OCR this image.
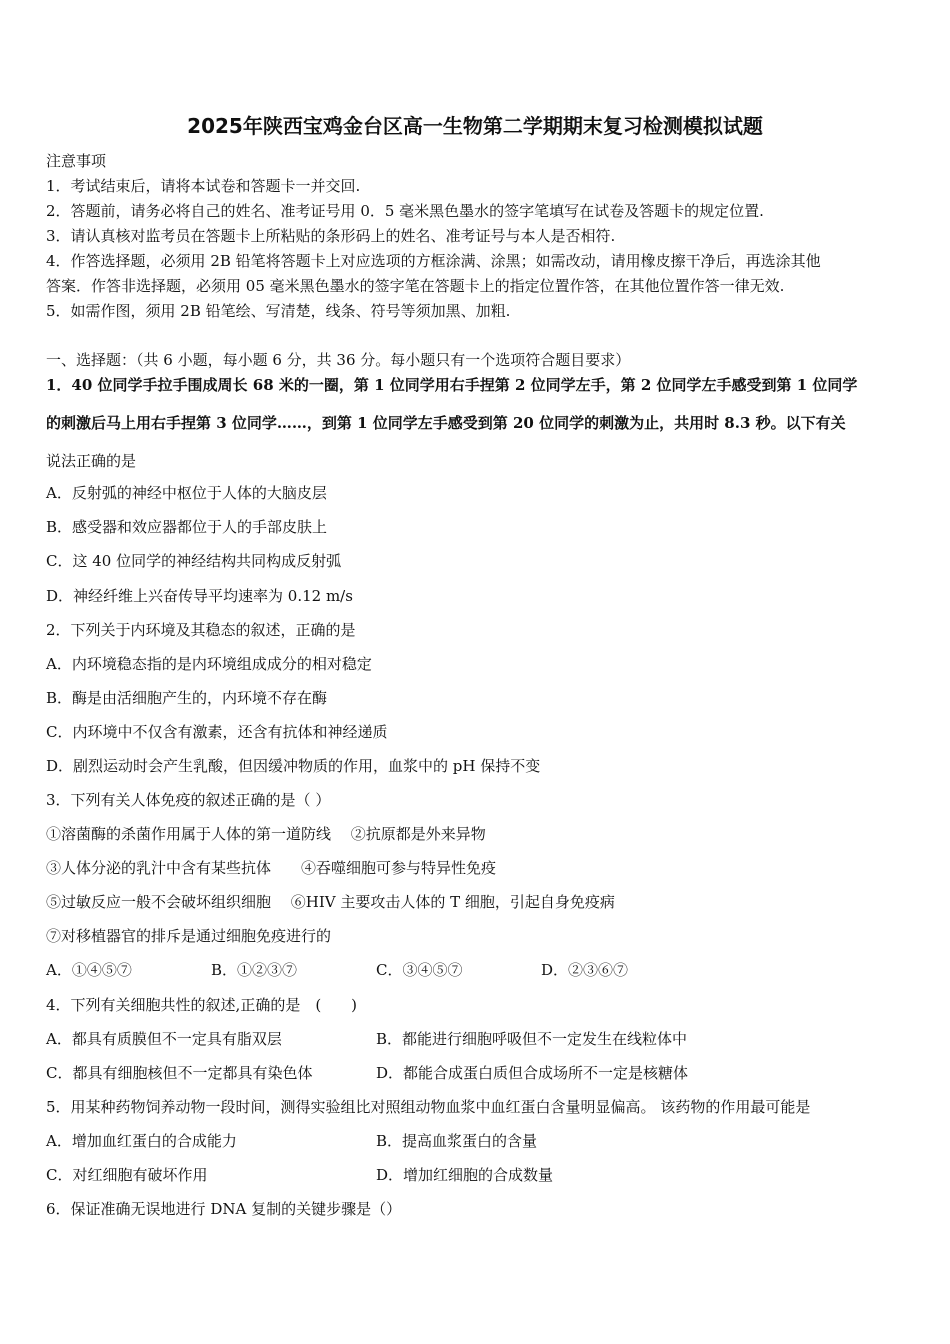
2025年陕西宝鸡金台区高一生物第二学期期末复习检测模拟试题
注意事项
1．考试结束后，请将本试卷和答题卡一并交回.
2．答题前，请务必将自己的姓名、准考证号用 0．5 毫米黑色墨水的签字笔填写在试卷及答题卡的规定位置.
3．请认真核对监考员在答题卡上所粘贴的条形码上的姓名、准考证号与本人是否相符.
4．作答选择题，必须用 2B 铅笔将答题卡上对应选项的方框涂满、涂黑；如需改动，请用橡皮擦干净后，再选涂其他
答案．作答非选择题，必须用 05 毫米黑色墨水的签字笔在答题卡上的指定位置作答，在其他位置作答一律无效.
5．如需作图，须用 2B 铅笔绘、写清楚，线条、符号等须加黑、加粗.
一、选择题：（共 6 小题，每小题 6 分，共 36 分。每小题只有一个选项符合题目要求）
1．40 位同学手拉手围成周长 68 米的一圈，第 1 位同学用右手捏第 2 位同学左手，第 2 位同学左手感受到第 1 位同学
的刺激后马上用右手捏第 3 位同学……，到第 1 位同学左手感受到第 20 位同学的刺激为止，共用时 8.3 秒。以下有关
说法正确的是
A．反射弧的神经中枢位于人体的大脑皮层
B．感受器和效应器都位于人的手部皮肤上
C．这 40 位同学的神经结构共同构成反射弧
D．神经纤维上兴奋传导平均速率为 0.12 m/s
2．下列关于内环境及其稳态的叙述，正确的是
A．内环境稳态指的是内环境组成成分的相对稳定
B．酶是由活细胞产生的，内环境不存在酶
C．内环境中不仅含有激素，还含有抗体和神经递质
D．剧烈运动时会产生乳酸，但因缓冲物质的作用，血浆中的 pH 保持不变
3．下列有关人体免疫的叙述正确的是（ ）
①溶菌酶的杀菌作用属于人体的第一道防线　 ②抗原都是外来异物
③人体分泌的乳汁中含有某些抗体　　④吞噬细胞可参与特异性免疫
⑤过敏反应一般不会破坏组织细胞　 ⑥HIV 主要攻击人体的 T 细胞，引起自身免疫病
⑦对移植器官的排斥是通过细胞免疫进行的
A．①④⑤⑦	B．①②③⑦	C．③④⑤⑦	D．②③⑥⑦
4．下列有关细胞共性的叙述,正确的是　(　　)
A．都具有质膜但不一定具有脂双层	B．都能进行细胞呼吸但不一定发生在线粒体中
C．都具有细胞核但不一定都具有染色体	D．都能合成蛋白质但合成场所不一定是核糖体
5．用某种药物饲养动物一段时间，测得实验组比对照组动物血浆中血红蛋白含量明显偏高。 该药物的作用最可能是
A．增加血红蛋白的合成能力	B．提高血浆蛋白的含量
C．对红细胞有破坏作用	D．增加红细胞的合成数量
6．保证准确无误地进行 DNA 复制的关键步骤是（）
